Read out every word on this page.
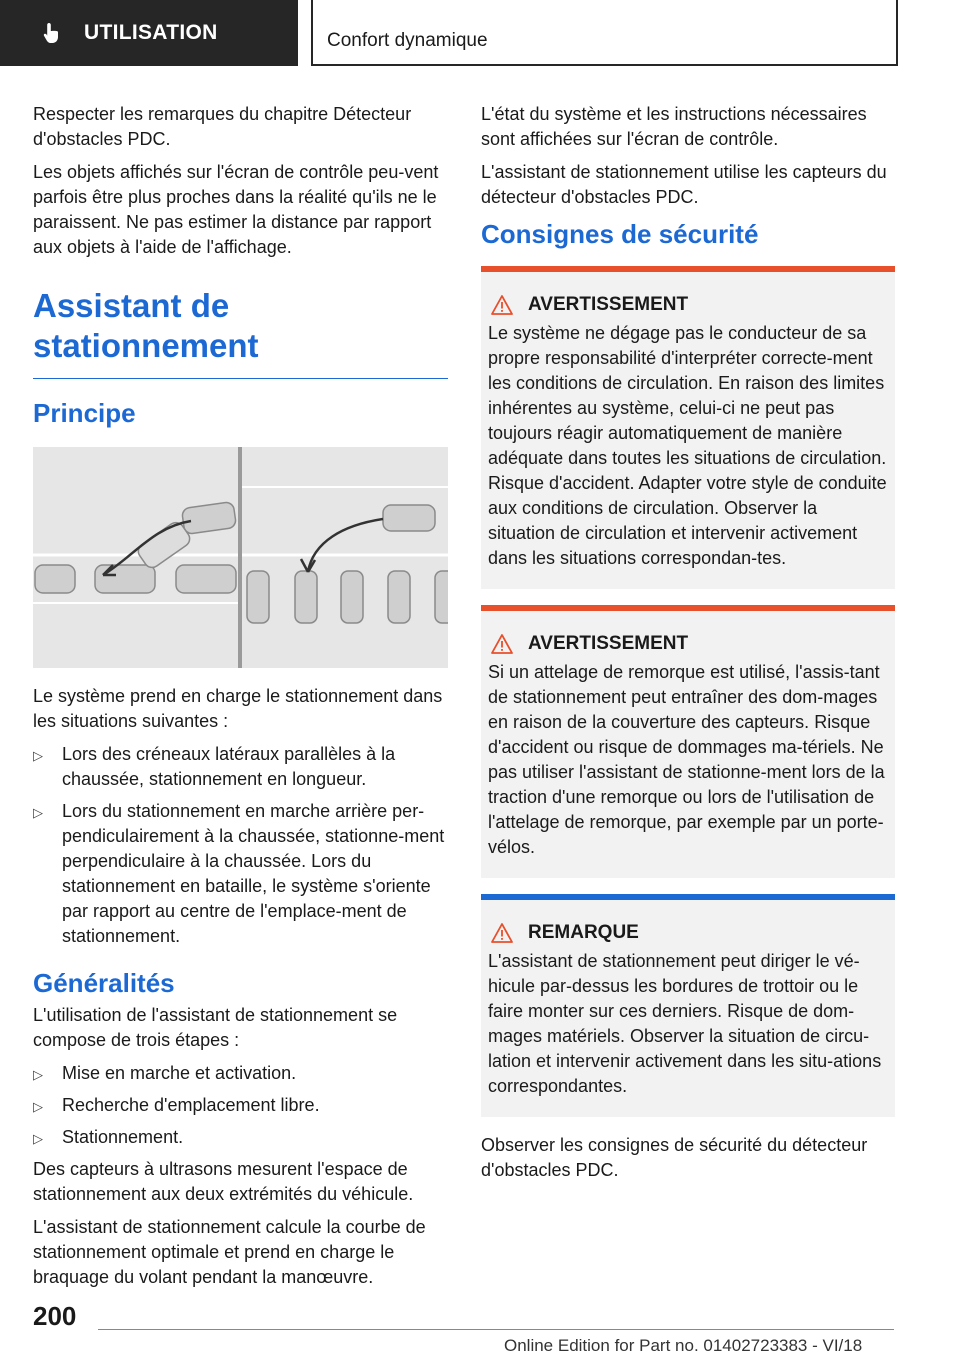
UTILISATION	Confort dynamique

Respecter les remarques du chapitre Détecteur d'obstacles PDC.

Les objets affichés sur l'écran de contrôle peu-vent parfois être plus proches dans la réalité qu'ils ne le paraissent. Ne pas estimer la distance par rapport aux objets à l'aide de l'affichage.

Assistant de stationnement
Principe

Le système prend en charge le stationnement dans les situations suivantes :

▷ Lors des créneaux latéraux parallèles à la chaussée, stationnement en longueur.
▷ Lors du stationnement en marche arrière per-pendiculairement à la chaussée, stationne-ment perpendiculaire à la chaussée. Lors du stationnement en bataille, le système s'oriente par rapport au centre de l'emplace-ment de stationnement.
Généralités

L'utilisation de l'assistant de stationnement se compose de trois étapes :

▷ Mise en marche et activation.
▷ Recherche d'emplacement libre.
▷ Stationnement.

Des capteurs à ultrasons mesurent l'espace de stationnement aux deux extrémités du véhicule.

L'assistant de stationnement calcule la courbe de stationnement optimale et prend en charge le braquage du volant pendant la manœuvre.

L'état du système et les instructions nécessaires sont affichées sur l'écran de contrôle.

L'assistant de stationnement utilise les capteurs du détecteur d'obstacles PDC.

Consignes de sécurité
AVERTISSEMENT

Le système ne dégage pas le conducteur de sa propre responsabilité d'interpréter correcte-ment les conditions de circulation. En raison des limites inhérentes au système, celui-ci ne peut pas toujours réagir automatiquement de manière adéquate dans toutes les situations de circulation. Risque d'accident. Adapter votre style de conduite aux conditions de circulation. Observer la situation de circulation et intervenir activement dans les situations correspondan-tes.

AVERTISSEMENT

Si un attelage de remorque est utilisé, l'assis-tant de stationnement peut entraîner des dom-mages en raison de la couverture des capteurs. Risque d'accident ou risque de dommages ma-tériels. Ne pas utiliser l'assistant de stationne-ment lors de la traction d'une remorque ou lors de l'utilisation de l'attelage de remorque, par exemple par un porte-vélos.

REMARQUE

L'assistant de stationnement peut diriger le vé-hicule par-dessus les bordures de trottoir ou le faire monter sur ces derniers. Risque de dom-mages matériels. Observer la situation de circu-lation et intervenir activement dans les situ-ations correspondantes.

Observer les consignes de sécurité du détecteur d'obstacles PDC.

200
Online Edition for Part no. 01402723383 - VI/18
